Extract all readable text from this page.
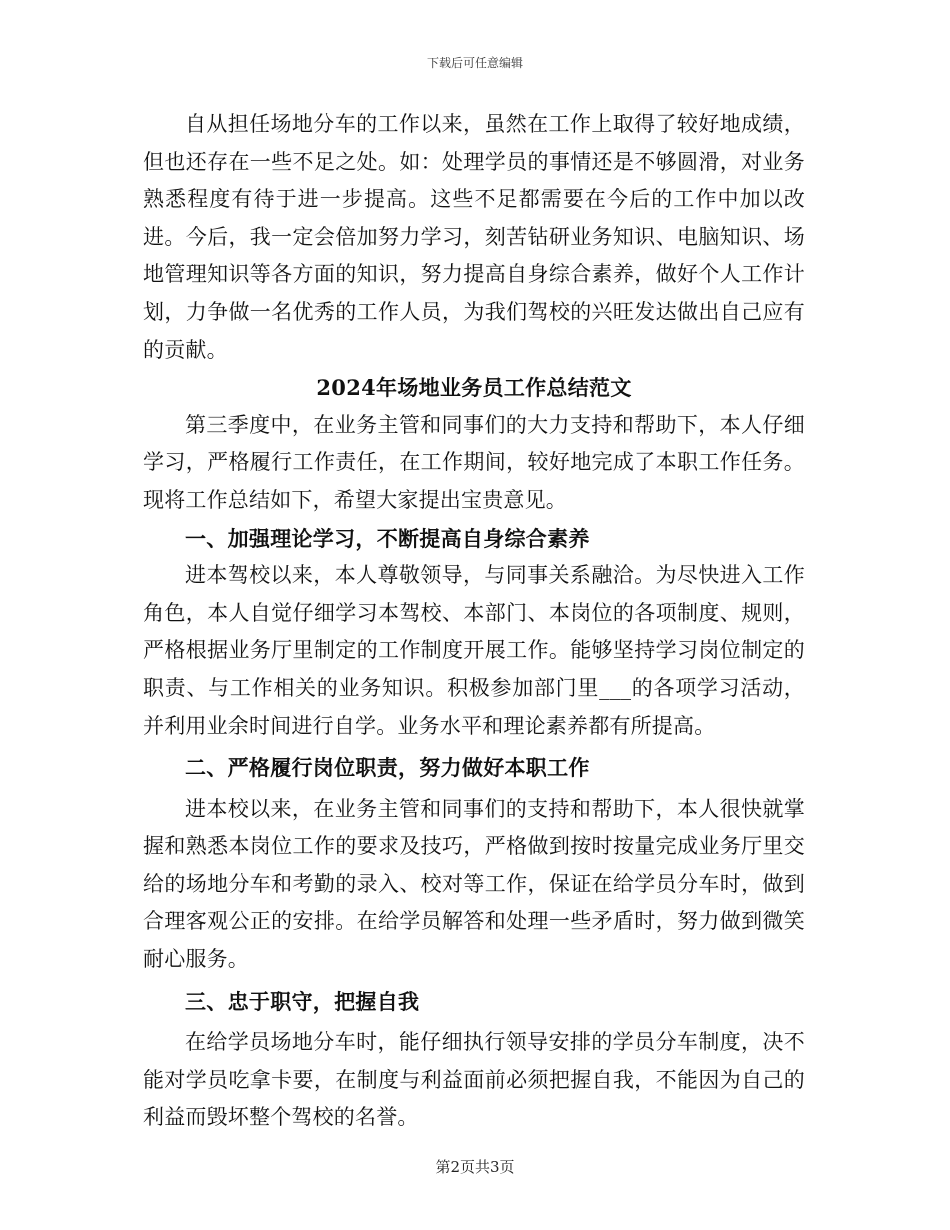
下载后可任意编辑

自从担任场地分车的工作以来，虽然在工作上取得了较好地成绩，但也还存在一些不足之处。如：处理学员的事情还是不够圆滑，对业务熟悉程度有待于进一步提高。这些不足都需要在今后的工作中加以改进。今后，我一定会倍加努力学习，刻苦钻研业务知识、电脑知识、场地管理知识等各方面的知识，努力提高自身综合素养，做好个人工作计划，力争做一名优秀的工作人员，为我们驾校的兴旺发达做出自己应有的贡献。

2024年场地业务员工作总结范文

第三季度中，在业务主管和同事们的大力支持和帮助下，本人仔细学习，严格履行工作责任，在工作期间，较好地完成了本职工作任务。现将工作总结如下，希望大家提出宝贵意见。

一、加强理论学习，不断提高自身综合素养

进本驾校以来，本人尊敬领导，与同事关系融洽。为尽快进入工作角色，本人自觉仔细学习本驾校、本部门、本岗位的各项制度、规则，严格根据业务厅里制定的工作制度开展工作。能够坚持学习岗位制定的职责、与工作相关的业务知识。积极参加部门里___的各项学习活动，并利用业余时间进行自学。业务水平和理论素养都有所提高。

二、严格履行岗位职责，努力做好本职工作

进本校以来，在业务主管和同事们的支持和帮助下，本人很快就掌握和熟悉本岗位工作的要求及技巧，严格做到按时按量完成业务厅里交给的场地分车和考勤的录入、校对等工作，保证在给学员分车时，做到合理客观公正的安排。在给学员解答和处理一些矛盾时，努力做到微笑耐心服务。

三、忠于职守，把握自我

在给学员场地分车时，能仔细执行领导安排的学员分车制度，决不能对学员吃拿卡要，在制度与利益面前必须把握自我，不能因为自己的利益而毁坏整个驾校的名誉。

第2页共3页
